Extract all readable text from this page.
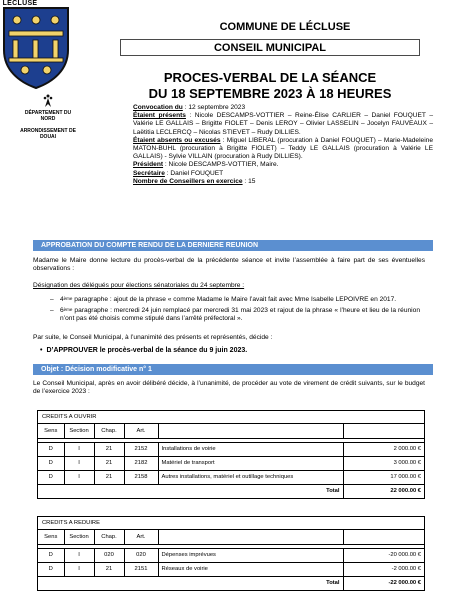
LÉCLUSE
DÉPARTEMENT DU NORD
ARRONDISSEMENT DE DOUAI
COMMUNE DE LÉCLUSE
CONSEIL MUNICIPAL
PROCES-VERBAL DE LA SÉANCE
DU 18 SEPTEMBRE 2023 À 18 HEURES
Convocation du : 12 septembre 2023
Étaient présents : Nicole DESCAMPS-VOTTIER – Reine-Élise CARLIER – Daniel FOUQUET – Valérie LE GALLAIS – Brigitte FIOLET – Denis LEROY – Olivier LASSELIN – Jocelyn FAUVEAUX – Laëtitia LECLERCQ – Nicolas STIEVET – Rudy DILLIES.
Étaient absents ou excusés : Miguel LIBERAL (procuration à Daniel FOUQUET) – Marie-Madeleine MATON-BUHL (procuration à Brigitte FIOLET) – Teddy LE GALLAIS (procuration à Valérie LE GALLAIS) - Sylvie VILLAIN (procuration à Rudy DILLIES).
Président : Nicole DESCAMPS-VOTTIER, Maire.
Secrétaire : Daniel FOUQUET
Nombre de Conseillers en exercice : 15
APPROBATION DU COMPTE RENDU DE LA DERNIERE REUNION
Madame le Maire donne lecture du procès-verbal de la précédente séance et invite l’assemblée à faire part de ses éventuelles observations :
Désignation des délégués pour élections sénatoriales du 24 septembre :
– 4ème paragraphe : ajout de la phrase « comme Madame le Maire l’avait fait avec Mme Isabelle LEPOIVRE en 2017.
– 6ème paragraphe : mercredi 24 juin remplacé par mercredi 31 mai 2023 et rajout de la phrase « l’heure et lieu de la réunion n’ont pas été choisis comme stipulé dans l’arrêté préfectoral ».
Par suite, le Conseil Municipal, à l’unanimité des présents et représentés, décide :
• D’APPROUVER le procès-verbal de la séance du 9 juin 2023.
Objet : Décision modificative n° 1
Le Conseil Municipal, après en avoir délibéré décide, à l’unanimité, de procéder au vote de virement de crédit suivants, sur le budget de l’exercice 2023 :
CREDITS A OUVRIR
Sens	Section	Chap.	Art.		

D	I	21	2152	Installations de voirie	2 000.00 €
D	I	21	2182	Matériel de transport	3 000.00 €
D	I	21	2158	Autres installations, matériel et outillage techniques	17 000.00 €
Total					22 000.00 €
CREDITS A REDUIRE
Sens	Section	Chap.	Art.		

D	I	020	020	Dépenses imprévues	-20 000.00 €
D	I	21	2151	Réseaux de voirie	-2 000.00 €
Total					-22 000.00 €
